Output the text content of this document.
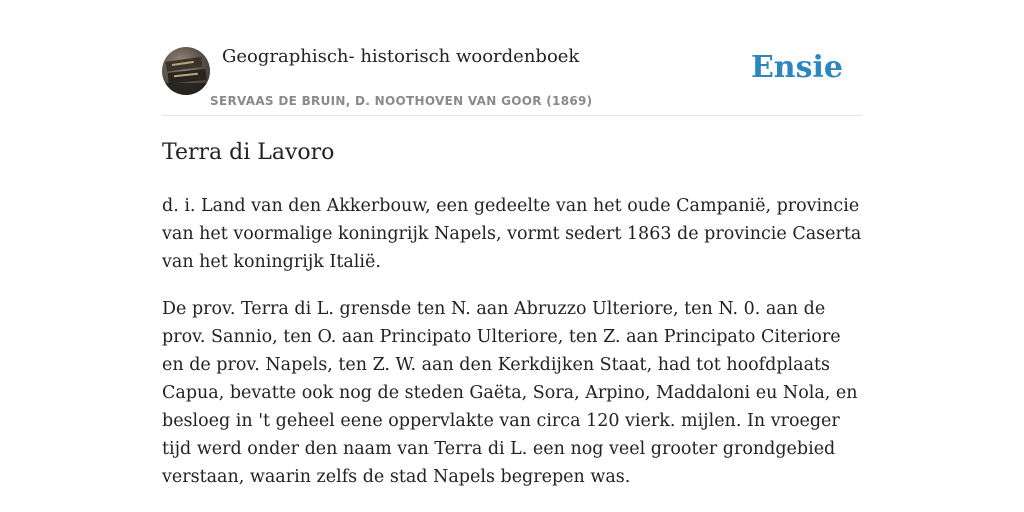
Geographisch- historisch woordenboek
SERVAAS DE BRUIN, D. NOOTHOVEN VAN GOOR (1869)
Ensie
Terra di Lavoro

d. i. Land van den Akkerbouw, een gedeelte van het oude Campanië, provincie van het voormalige koningrijk Napels, vormt sedert 1863 de provincie Caserta van het koningrijk Italië.

De prov. Terra di L. grensde ten N. aan Abruzzo Ulteriore, ten N. 0. aan de prov. Sannio, ten O. aan Principato Ulteriore, ten Z. aan Principato Citeriore en de prov. Napels, ten Z. W. aan den Kerkdijken Staat, had tot hoofdplaats Capua, bevatte ook nog de steden Gaëta, Sora, Arpino, Maddaloni eu Nola, en besloeg in 't geheel eene oppervlakte van circa 120 vierk. mijlen. In vroeger tijd werd onder den naam van Terra di L. een nog veel grooter grondgebied verstaan, waarin zelfs de stad Napels begrepen was.
